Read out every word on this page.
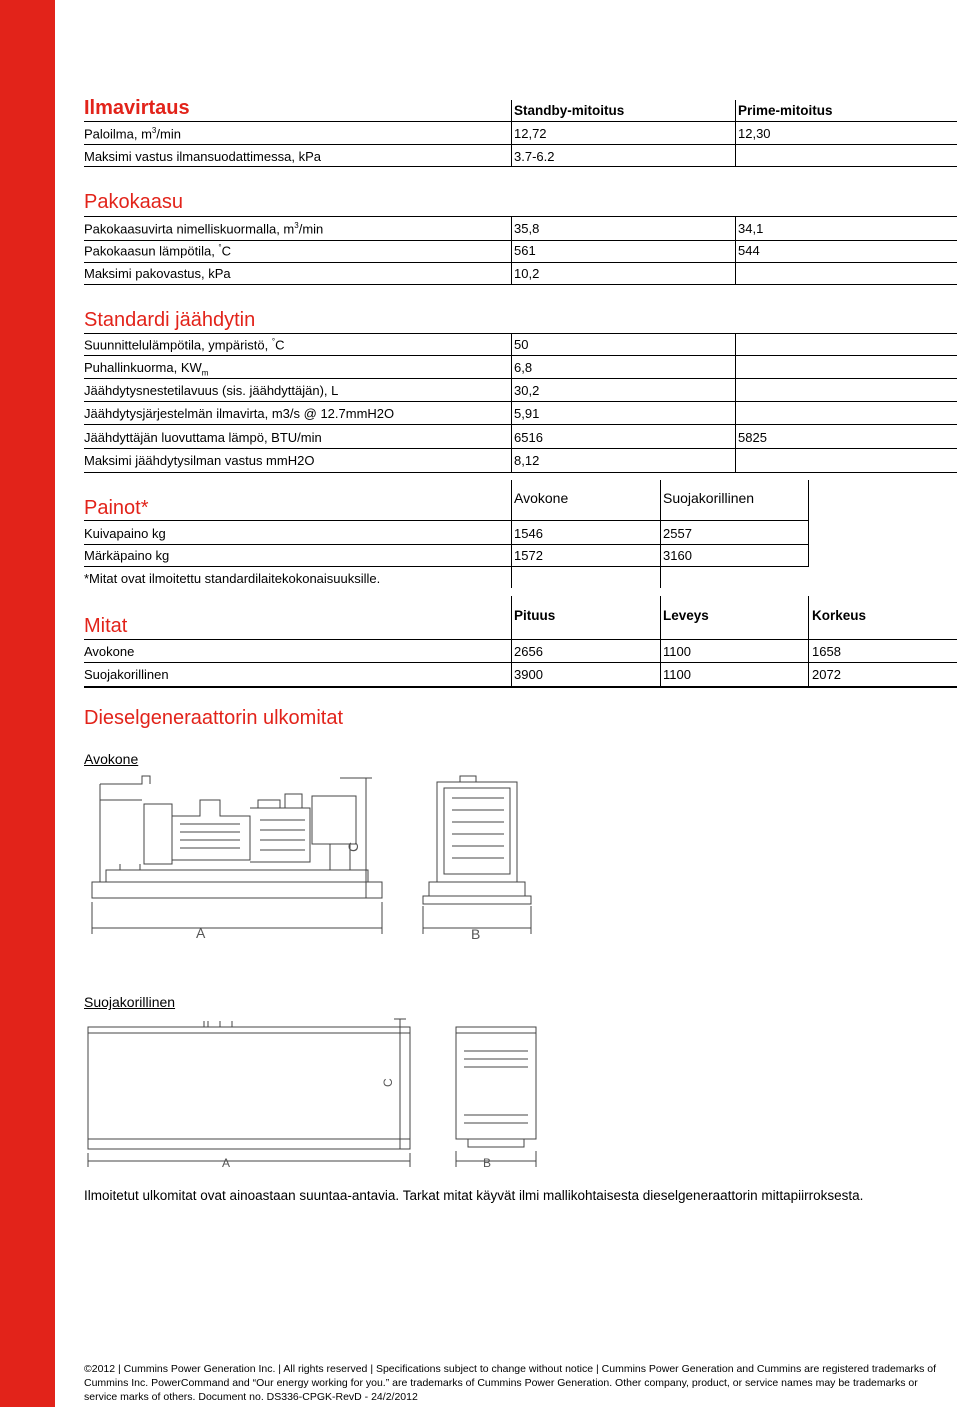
Ilmavirtaus	Standby-mitoitus	Prime-mitoitus
Paloilma, $m^3/\min$	12,72	12,30
Maksimi vastus ilmansuodattimessa, kPa	3.7-6.2
Pakokaasu
Pakokaasuvirta nimelliskuormalla, $m^3/\min$	35,8	34,1
Pakokaasun lämpötila, °C	561	544
Maksimi pakovastus, kPa	10,2
Standardi jäähdytin
Suunnittelulämpötila, ympäristö, °C	50
Puhallinkuorma, $KW_m$	6,8
Jäähdytysnestetilavuus (sis. jäähdyttäjän), L	30,2
Jäähdytysjärjestelmän ilmavirta, m3/s @ 12.7mmH2O	5,91
Jäähdyttäjän luovuttama lämpö, BTU/min	6516	5825
Maksimi jäähdytysilman vastus mmH2O	8,12
Painot*	Avokone	Suojakorillinen
Kuivapaino kg	1546	2557
Märkäpaino kg	1572	3160
*Mitat ovat ilmoitettu standardilaitekokonaisuuksille.
Mitat	Pituus	Leveys	Korkeus
Avokone	2656	1100	1658
Suojakorillinen	3900	1100	2072
Dieselgeneraattorin ulkomitat
Avokone
A
C
B
Suojakorillinen
C
A	B
Ilmoitetut ulkomitat ovat ainoastaan suuntaa-antavia. Tarkat mitat käyvät ilmi mallikohtaisesta dieselgeneraattorin mittapiirroksesta.
©2012 | Cummins Power Generation Inc. | All rights reserved | Specifications subject to change without notice | Cummins Power Generation and Cummins are registered trademarks of Cummins Inc. PowerCommand and “Our energy working for you.” are trademarks of Cummins Power Generation. Other company, product, or service names may be trademarks or service marks of others. Document no. DS336-CPGK-RevD - 24/2/2012
